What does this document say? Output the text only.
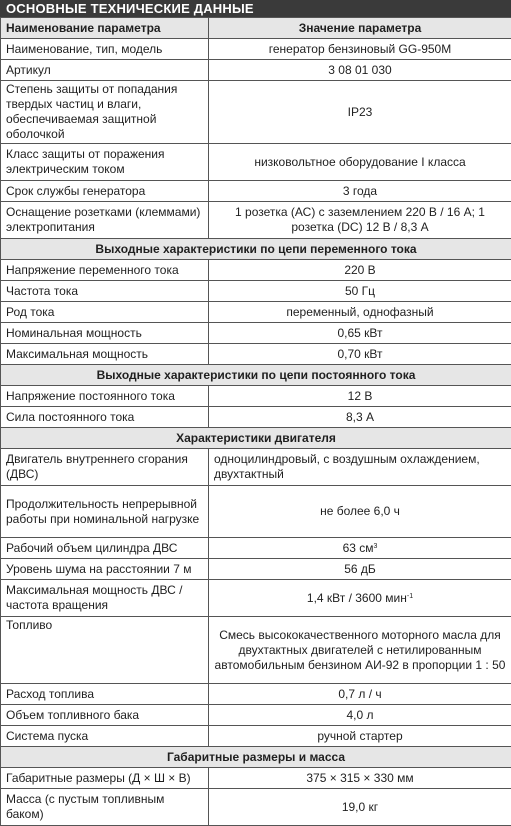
ОСНОВНЫЕ ТЕХНИЧЕСКИЕ ДАННЫЕ
Наименование параметра	Значение параметра
Наименование, тип, модель	генератор бензиновый GG-950M
Артикул	3 08 01 030
Степень защиты от попадания твердых частиц и влаги, обеспечиваемая защитной оболочкой	IP23
Класс защиты от поражения электрическим током	низковольтное оборудование I класса
Срок службы генератора	3 года
Оснащение розетками (клеммами) электропитания	1 розетка (АС) с заземлением 220 В / 16 А; 1 розетка (DC) 12 В / 8,3 А
Выходные характеристики по цепи переменного тока	
Напряжение переменного тока	220 В
Частота тока	50 Гц
Род тока	переменный, однофазный
Номинальная мощность	0,65 кВт
Максимальная мощность	0,70 кВт
Выходные характеристики по цепи постоянного тока	
Напряжение постоянного тока	12 В
Сила постоянного тока	8,3 А
Характеристики двигателя	
Двигатель внутреннего сгорания (ДВС)	одноцилиндровый, с воздушным охлаждением, двухтактный
Продолжительность непрерывной работы при номинальной нагрузке	не более 6,0 ч
Рабочий объем цилиндра ДВС	63 $см^3$
Уровень шума на расстоянии 7 м	56 дБ
Максимальная мощность ДВС / частота вращения	1,4 кВт / 3600 мин$^{-1}$
Топливо	Смесь высококачественного моторного масла для двухтактных двигателей с нетилированным автомобильным бензином АИ-92 в пропорции 1 : 50
Расход топлива	0,7 л / ч
Объем топливного бака	4,0 л
Система пуска	ручной стартер
Габаритные размеры и масса	
Габаритные размеры (Д × Ш × В)	375 × 315 × 330 мм
Масса (с пустым топливным баком)	19,0 кг
